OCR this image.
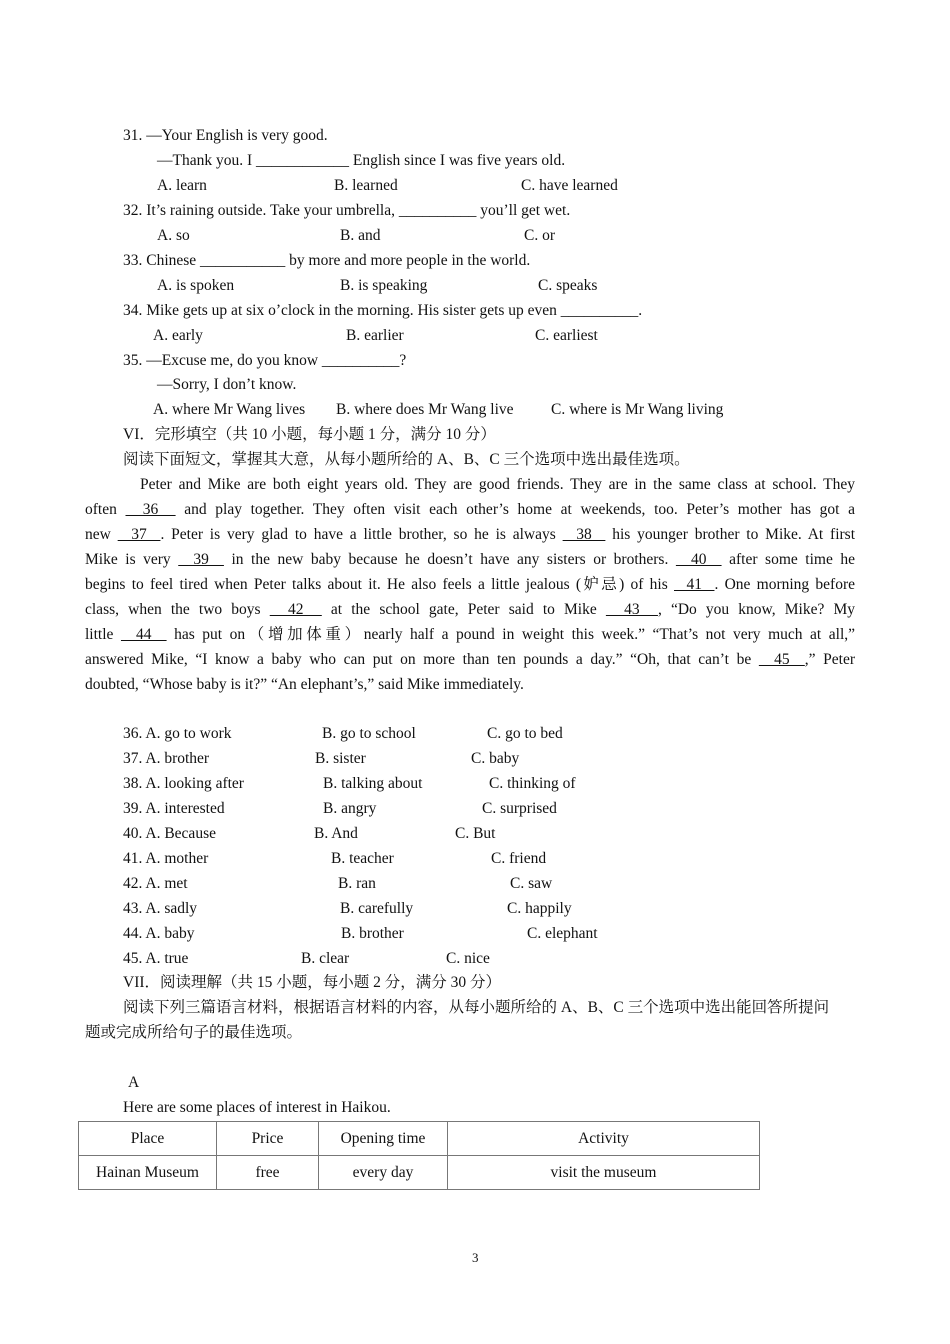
31. —Your English is very good.
—Thank you. I ____________ English since I was five years old.
A. learn	B. learned	C. have learned
32. It’s raining outside. Take your umbrella, __________ you’ll get wet.
A. so	B. and	C. or
33. Chinese ___________ by more and more people in the world.
A. is spoken	B. is speaking	C. speaks
34. Mike gets up at six o’clock in the morning. His sister gets up even __________.
A. early	B. earlier	C. earliest
35. —Excuse me, do you know __________?
—Sorry, I don’t know.
A. where Mr Wang lives B. where does Mr Wang live C. where is Mr Wang living
VI．完形填空（共 10 小题，每小题 1 分，满分 10 分）
阅读下面短文，掌握其大意，从每小题所给的 A、B、C 三个选项中选出最佳选项。
Peter and Mike are both eight years old. They are good friends. They are in the same class at school. They
often   36   and play together. They often visit each other’s home at weekends, too. Peter’s mother has got a
new   37  . Peter is very glad to have a little brother, so he is always   38   his younger brother to Mike. At first
Mike is very   39   in the new baby because he doesn’t have any sisters or brothers.   40   after some time he
begins to feel tired when Peter talks about it. He also feels a little jealous (妒忌) of his   41  . One morning before
class, when the two boys   42   at the school gate, Peter said to Mike   43  , “Do you know, Mike? My
little   44   has put on（增加体重）nearly half a pound in weight this week.” “That’s not very much at all,”
answered Mike, “I know a baby who can put on more than ten pounds a day.” “Oh, that can’t be   45  ,” Peter
doubted, “Whose baby is it?” “An elephant’s,” said Mike immediately.
36. A. go to work	B. go to school	C. go to bed
37. A. brother	B. sister	C. baby
38. A. looking after	B. talking about	C. thinking of
39. A. interested	B. angry	C. surprised
40. A. Because	B. And	C. But
41. A. mother	B. teacher	C. friend
42. A. met	B. ran	C. saw
43. A. sadly	B. carefully	C. happily
44. A. baby	B. brother	C. elephant
45. A. true	B. clear	C. nice
VII．阅读理解（共 15 小题，每小题 2 分，满分 30 分）
阅读下列三篇语言材料，根据语言材料的内容，从每小题所给的 A、B、C 三个选项中选出能回答所提问
题或完成所给句子的最佳选项。
A
Here are some places of interest in Haikou.
Place	Price	Opening time	Activity
Hainan Museum	free	every day	visit the museum
3
